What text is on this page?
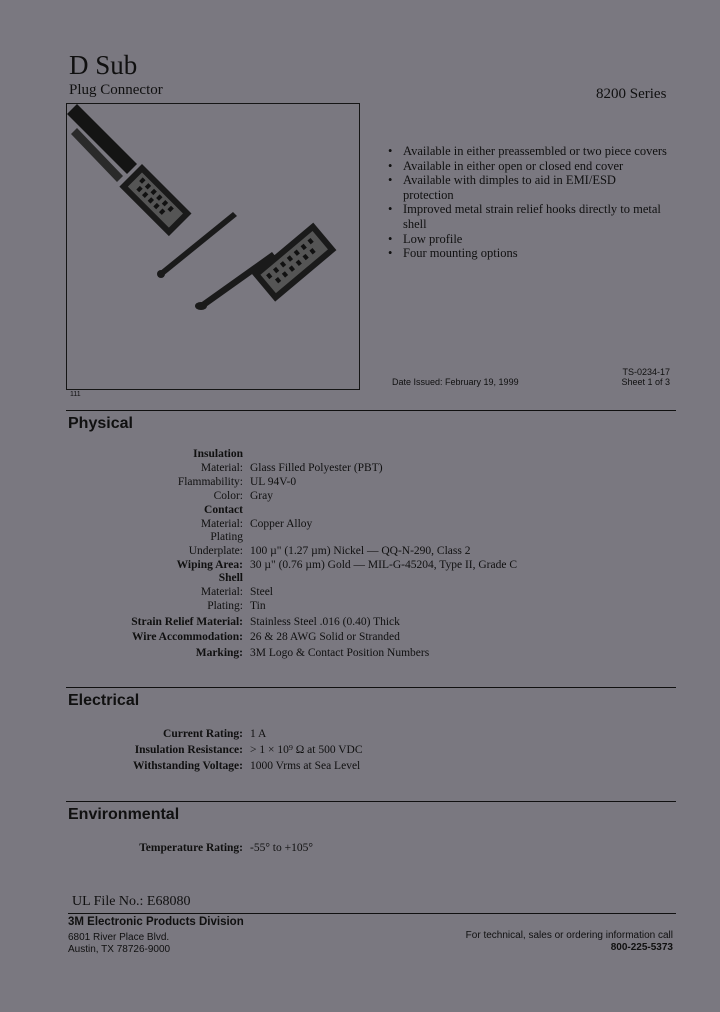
D Sub
Plug Connector	8200 Series
111
• Available in either preassembled or two piece covers
• Available in either open or closed end cover
• Available with dimples to aid in EMI/ESD protection
• Improved metal strain relief hooks directly to metal shell
• Low profile
• Four mounting options
Date Issued: February 19, 1999
TS-0234-17
Sheet 1 of 3
Physical
Insulation
Material: Glass Filled Polyester (PBT)
Flammability: UL 94V-0
Color: Gray
Contact
Material: Copper Alloy
Plating
Underplate: 100 µ" (1.27 µm) Nickel — QQ-N-290, Class 2
Wiping Area: 30 µ" (0.76 µm) Gold — MIL-G-45204, Type II, Grade C
Shell
Material: Steel
Plating: Tin
Strain Relief Material: Stainless Steel .016 (0.40) Thick
Wire Accommodation: 26 & 28 AWG Solid or Stranded
Marking: 3M Logo & Contact Position Numbers
Electrical
Current Rating: 1 A
Insulation Resistance: > 1 × 10⁹ Ω at 500 VDC
Withstanding Voltage: 1000 Vrms at Sea Level
Environmental
Temperature Rating: -55° to +105°
UL File No.: E68080
3M Electronic Products Division
6801 River Place Blvd.
Austin, TX 78726-9000
For technical, sales or ordering information call
800-225-5373
